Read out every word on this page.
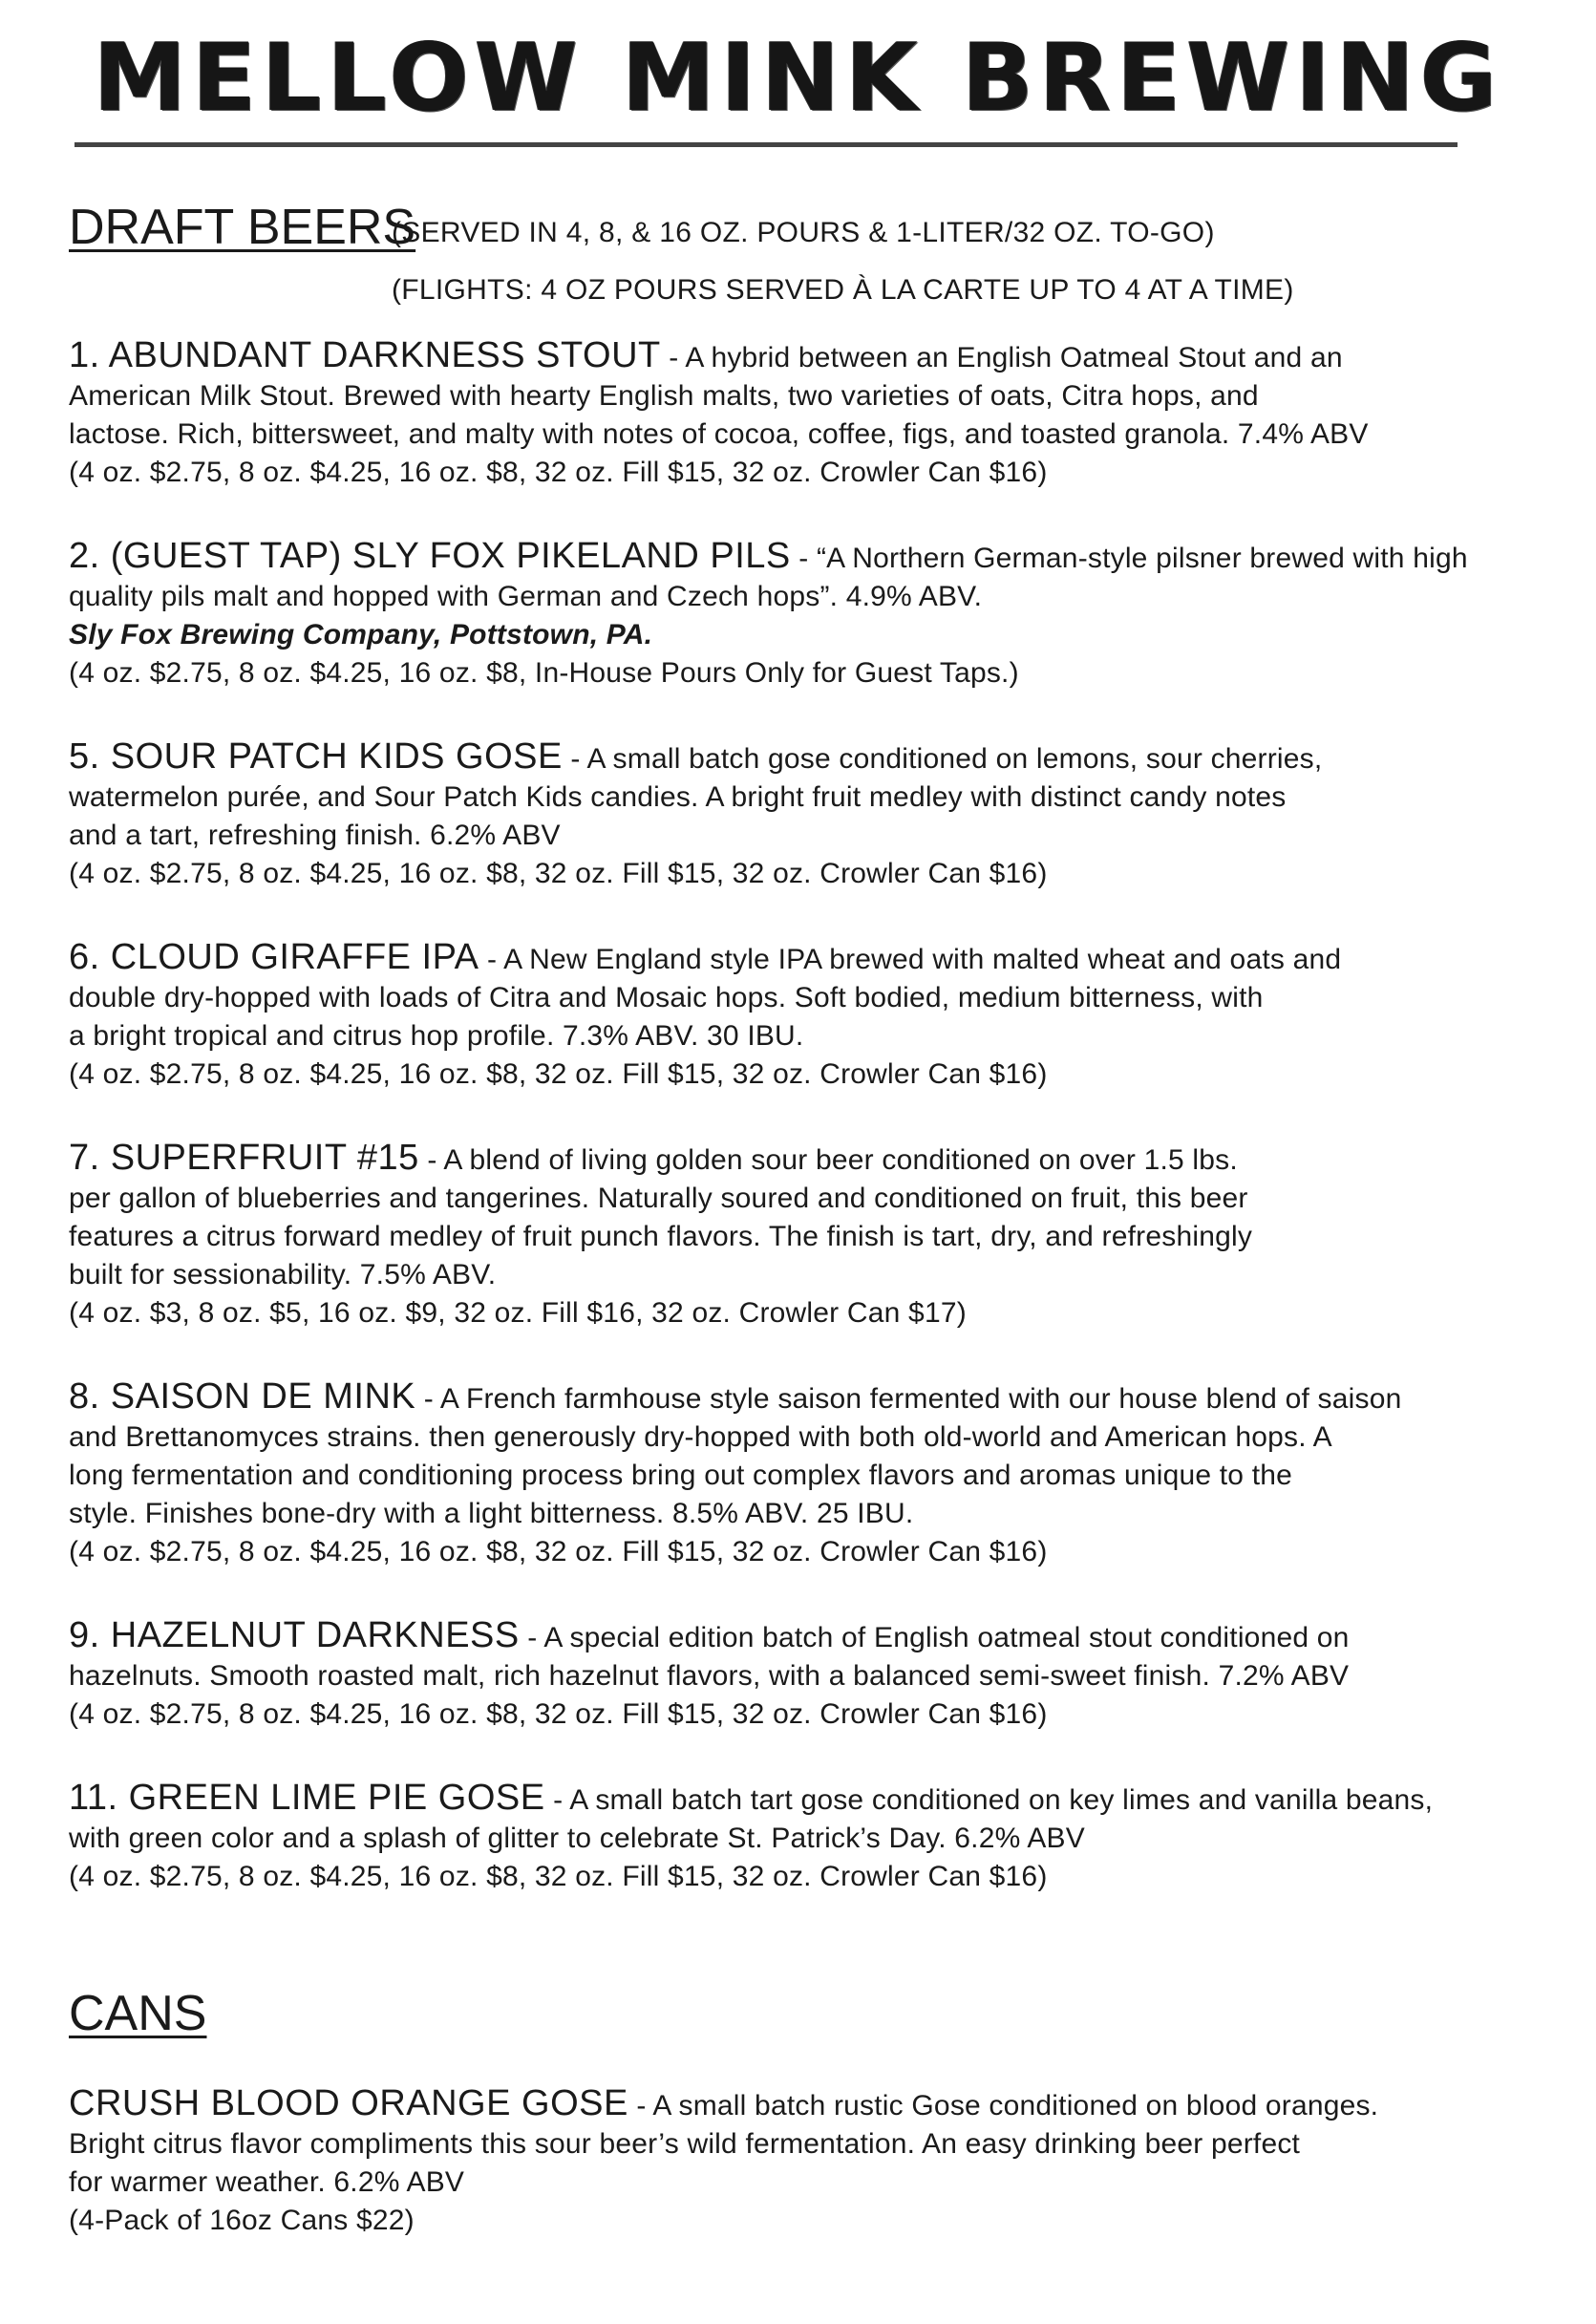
MELLOW MINK BREWING
DRAFT BEERS
(SERVED IN 4, 8, & 16 OZ. POURS & 1-LITER/32 OZ. TO-GO)
(FLIGHTS: 4 OZ POURS SERVED À LA CARTE UP TO 4 AT A TIME)
1. ABUNDANT DARKNESS STOUT - A hybrid between an English Oatmeal Stout and an
American Milk Stout. Brewed with hearty English malts, two varieties of oats, Citra hops, and
lactose. Rich, bittersweet, and malty with notes of cocoa, coffee, figs, and toasted granola. 7.4% ABV
(4 oz. $2.75, 8 oz. $4.25, 16 oz. $8, 32 oz. Fill $15, 32 oz. Crowler Can $16)
2. (GUEST TAP) SLY FOX PIKELAND PILS - “A Northern German-style pilsner brewed with high
quality pils malt and hopped with German and Czech hops”. 4.9% ABV.
Sly Fox Brewing Company, Pottstown, PA.
(4 oz. $2.75, 8 oz. $4.25, 16 oz. $8, In-House Pours Only for Guest Taps.)
5. SOUR PATCH KIDS GOSE - A small batch gose conditioned on lemons, sour cherries,
watermelon purée, and Sour Patch Kids candies. A bright fruit medley with distinct candy notes
and a tart, refreshing finish. 6.2% ABV
(4 oz. $2.75, 8 oz. $4.25, 16 oz. $8, 32 oz. Fill $15, 32 oz. Crowler Can $16)
6. CLOUD GIRAFFE IPA - A New England style IPA brewed with malted wheat and oats and
double dry-hopped with loads of Citra and Mosaic hops. Soft bodied, medium bitterness, with
a bright tropical and citrus hop profile. 7.3% ABV. 30 IBU.
(4 oz. $2.75, 8 oz. $4.25, 16 oz. $8, 32 oz. Fill $15, 32 oz. Crowler Can $16)
7. SUPERFRUIT #15 - A blend of living golden sour beer conditioned on over 1.5 lbs.
per gallon of blueberries and tangerines. Naturally soured and conditioned on fruit, this beer
features a citrus forward medley of fruit punch flavors. The finish is tart, dry, and refreshingly
built for sessionability. 7.5% ABV.
(4 oz. $3, 8 oz. $5, 16 oz. $9, 32 oz. Fill $16, 32 oz. Crowler Can $17)
8. SAISON DE MINK - A French farmhouse style saison fermented with our house blend of saison
and Brettanomyces strains. then generously dry-hopped with both old-world and American hops. A
long fermentation and conditioning process bring out complex flavors and aromas unique to the
style. Finishes bone-dry with a light bitterness. 8.5% ABV. 25 IBU.
(4 oz. $2.75, 8 oz. $4.25, 16 oz. $8, 32 oz. Fill $15, 32 oz. Crowler Can $16)
9. HAZELNUT DARKNESS - A special edition batch of English oatmeal stout conditioned on
hazelnuts. Smooth roasted malt, rich hazelnut flavors, with a balanced semi-sweet finish. 7.2% ABV
(4 oz. $2.75, 8 oz. $4.25, 16 oz. $8, 32 oz. Fill $15, 32 oz. Crowler Can $16)
11. GREEN LIME PIE GOSE - A small batch tart gose conditioned on key limes and vanilla beans,
with green color and a splash of glitter to celebrate St. Patrick’s Day. 6.2% ABV
(4 oz. $2.75, 8 oz. $4.25, 16 oz. $8, 32 oz. Fill $15, 32 oz. Crowler Can $16)
CANS
CRUSH BLOOD ORANGE GOSE - A small batch rustic Gose conditioned on blood oranges.
Bright citrus flavor compliments this sour beer’s wild fermentation. An easy drinking beer perfect
for warmer weather. 6.2% ABV
(4-Pack of 16oz Cans $22)
